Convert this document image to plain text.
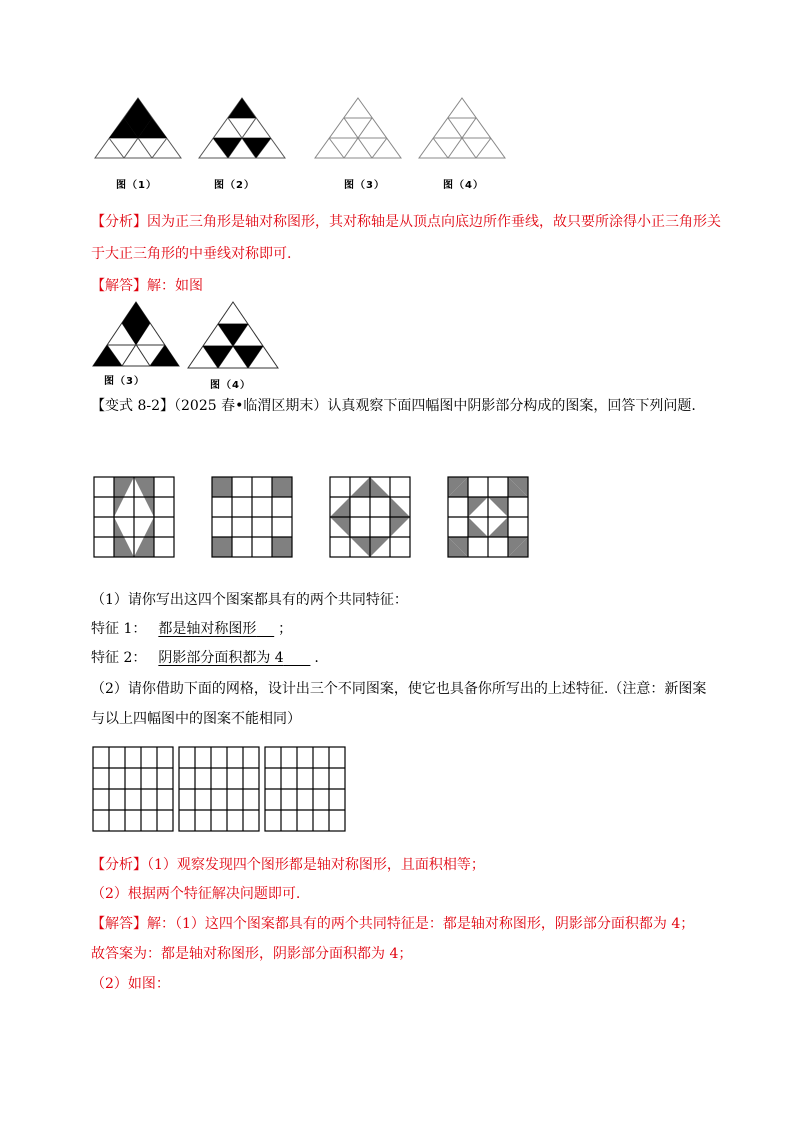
图（1）	图（2）	图（3）	图（4）
【分析】因为正三角形是轴对称图形，其对称轴是从顶点向底边所作垂线，故只要所涂得小正三角形关
于大正三角形的中垂线对称即可.
【解答】解：如图
图（3）	图（4）
【变式 8-2】（2025 春•临渭区期末）认真观察下面四幅图中阴影部分构成的图案，回答下列问题.
（1）请你写出这四个图案都具有的两个共同特征：
特征 1： 都是轴对称图形 ；
特征 2： 阴影部分面积都为 4 .
（2）请你借助下面的网格，设计出三个不同图案，使它也具备你所写出的上述特征.（注意：新图案
与以上四幅图中的图案不能相同）
【分析】（1）观察发现四个图形都是轴对称图形，且面积相等；
（2）根据两个特征解决问题即可.
【解答】解：（1）这四个图案都具有的两个共同特征是：都是轴对称图形，阴影部分面积都为 4；
故答案为：都是轴对称图形，阴影部分面积都为 4；
（2）如图：
